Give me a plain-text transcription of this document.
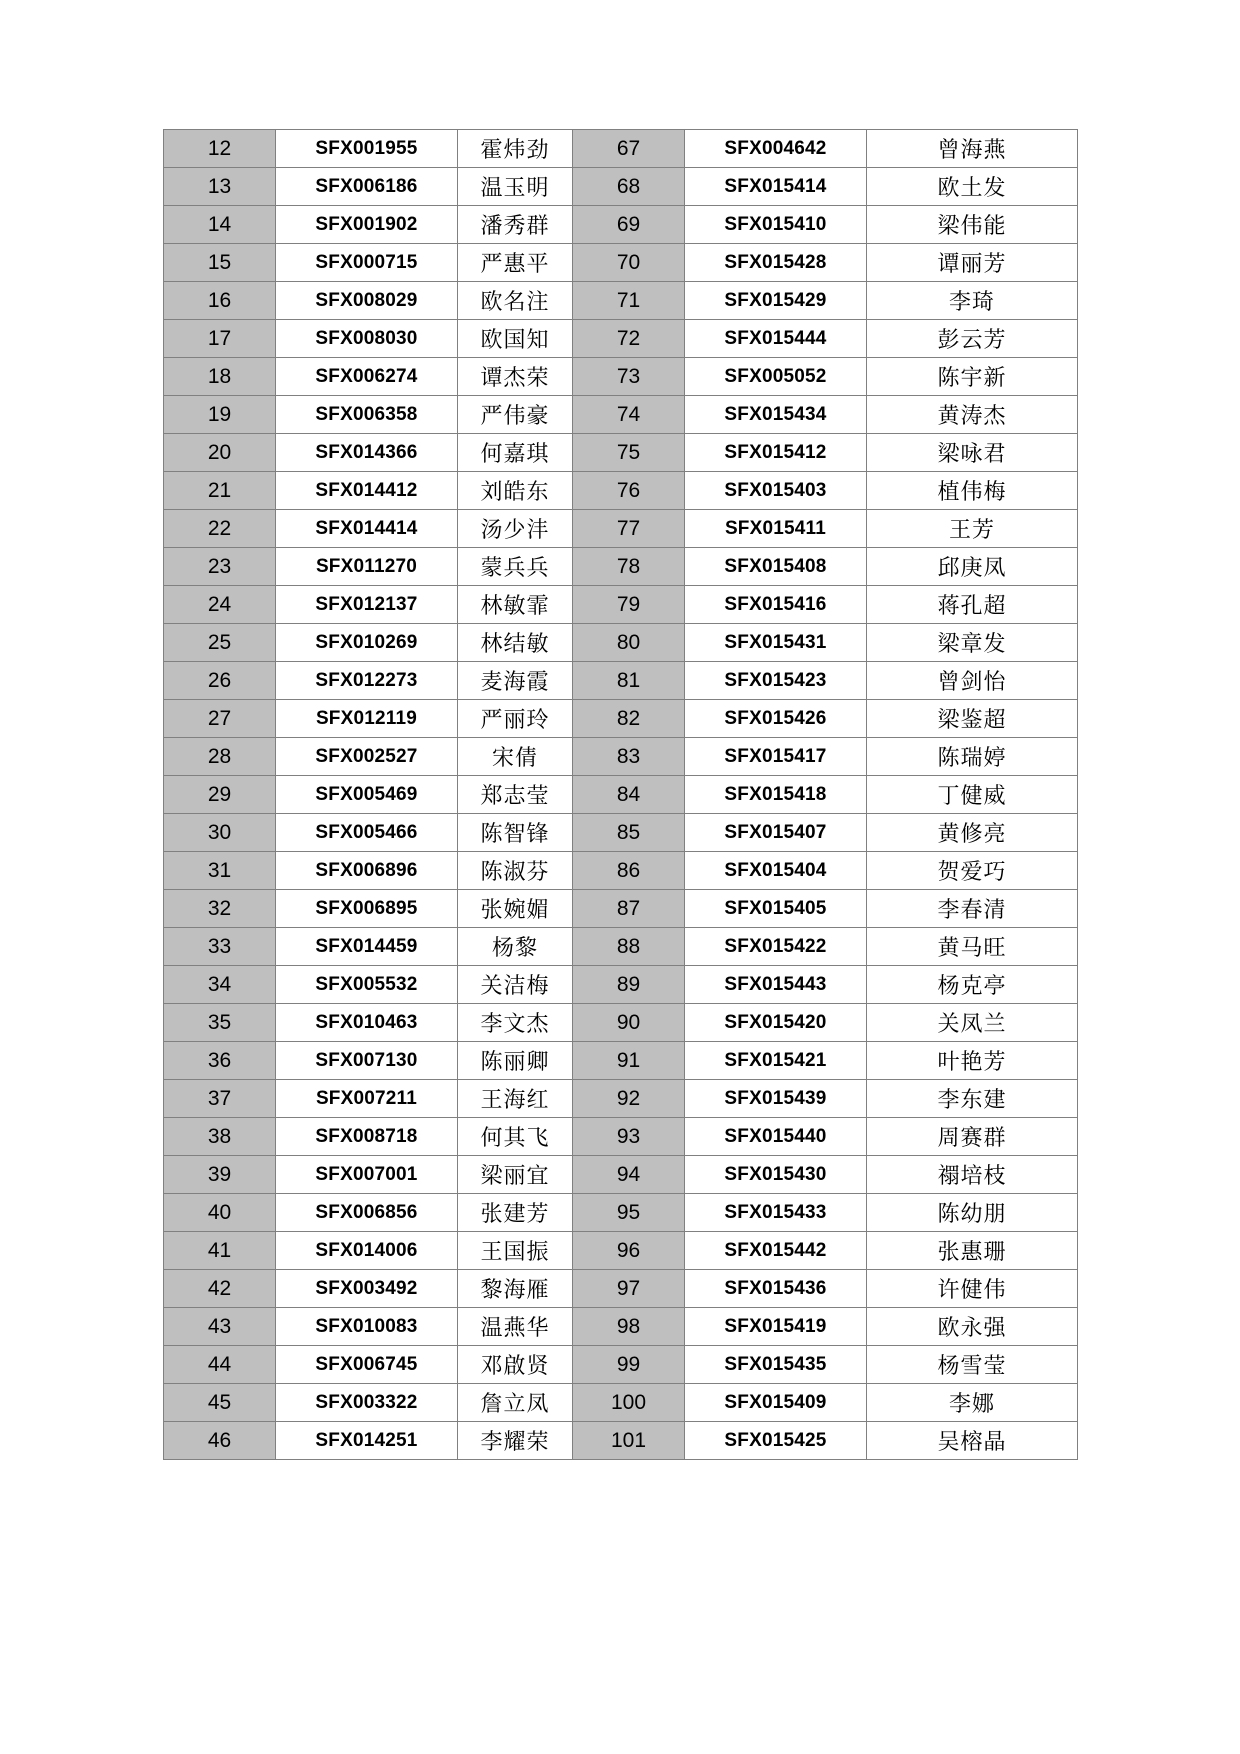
12	SFX001955	霍炜劲	67	SFX004642	曾海燕
13	SFX006186	温玉明	68	SFX015414	欧土发
14	SFX001902	潘秀群	69	SFX015410	梁伟能
15	SFX000715	严惠平	70	SFX015428	谭丽芳
16	SFX008029	欧名注	71	SFX015429	李琦
17	SFX008030	欧国知	72	SFX015444	彭云芳
18	SFX006274	谭杰荣	73	SFX005052	陈宇新
19	SFX006358	严伟豪	74	SFX015434	黄涛杰
20	SFX014366	何嘉琪	75	SFX015412	梁咏君
21	SFX014412	刘皓东	76	SFX015403	植伟梅
22	SFX014414	汤少沣	77	SFX015411	王芳
23	SFX011270	蒙兵兵	78	SFX015408	邱庚凤
24	SFX012137	林敏霏	79	SFX015416	蒋孔超
25	SFX010269	林结敏	80	SFX015431	梁章发
26	SFX012273	麦海霞	81	SFX015423	曾剑怡
27	SFX012119	严丽玲	82	SFX015426	梁鉴超
28	SFX002527	宋倩	83	SFX015417	陈瑞婷
29	SFX005469	郑志莹	84	SFX015418	丁健威
30	SFX005466	陈智锋	85	SFX015407	黄修亮
31	SFX006896	陈淑芬	86	SFX015404	贺爱巧
32	SFX006895	张婉媚	87	SFX015405	李春清
33	SFX014459	杨黎	88	SFX015422	黄马旺
34	SFX005532	关洁梅	89	SFX015443	杨克亭
35	SFX010463	李文杰	90	SFX015420	关凤兰
36	SFX007130	陈丽卿	91	SFX015421	叶艳芳
37	SFX007211	王海红	92	SFX015439	李东建
38	SFX008718	何其飞	93	SFX015440	周赛群
39	SFX007001	梁丽宜	94	SFX015430	禤培枝
40	SFX006856	张建芳	95	SFX015433	陈幼朋
41	SFX014006	王国振	96	SFX015442	张惠珊
42	SFX003492	黎海雁	97	SFX015436	许健伟
43	SFX010083	温燕华	98	SFX015419	欧永强
44	SFX006745	邓啟贤	99	SFX015435	杨雪莹
45	SFX003322	詹立凤	100	SFX015409	李娜
46	SFX014251	李耀荣	101	SFX015425	吴榕晶
